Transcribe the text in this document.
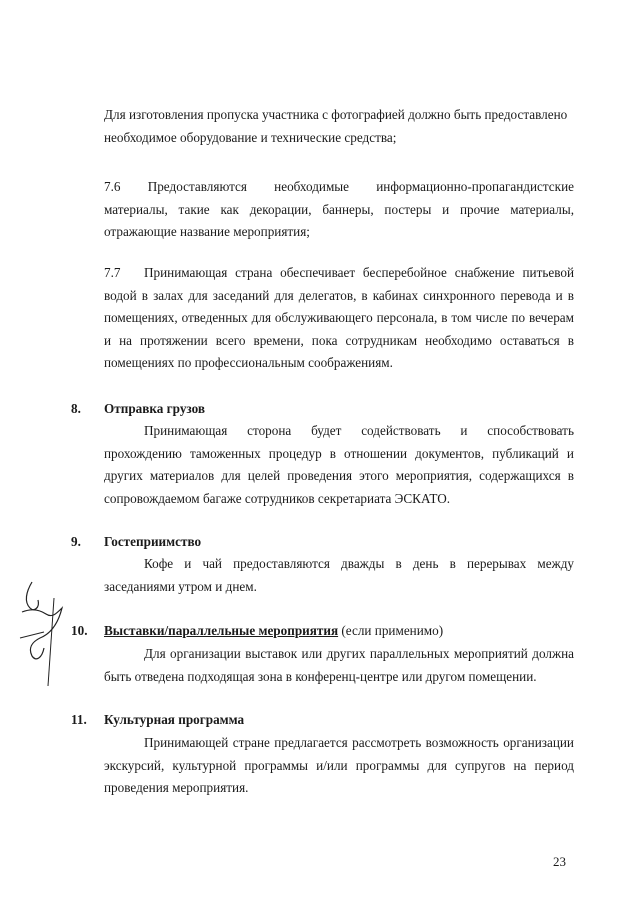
Для изготовления пропуска участника с фотографией должно быть предоставлено

необходимое оборудование и технические средства;

7.6 Предоставляются необходимые информационно-пропагандистские

материалы, такие как декорации, баннеры, постеры и прочие материалы,

отражающие название мероприятия;

7.7	Принимающая страна обеспечивает бесперебойное снабжение питьевой

водой в залах для заседаний для делегатов, в кабинах синхронного перевода и в помещениях, отведенных для обслуживающего персонала, в том числе по вечерам и на протяжении всего времени, пока сотрудникам необходимо оставаться в помещениях по профессиональным соображениям.

8. Отправка грузов
Принимающая сторона будет содействовать и способствовать

прохождению таможенных процедур в отношении документов, публикаций и других материалов для целей проведения этого мероприятия, содержащихся в сопровождаемом багаже сотрудников секретариата ЭСКАТО.

9. Гостеприимство
Кофе и чай предоставляются дважды в день в перерывах между заседаниями утром и днем.
10. Выставки/параллельные мероприятия (если применимо)
Для организации выставок или других параллельных мероприятий должна быть отведена подходящая зона в конференц-центре или другом помещении.
11. Культурная программа
Принимающей стране предлагается рассмотреть возможность организации экскурсий, культурной программы и/или программы для супругов на период проведения мероприятия.
23
